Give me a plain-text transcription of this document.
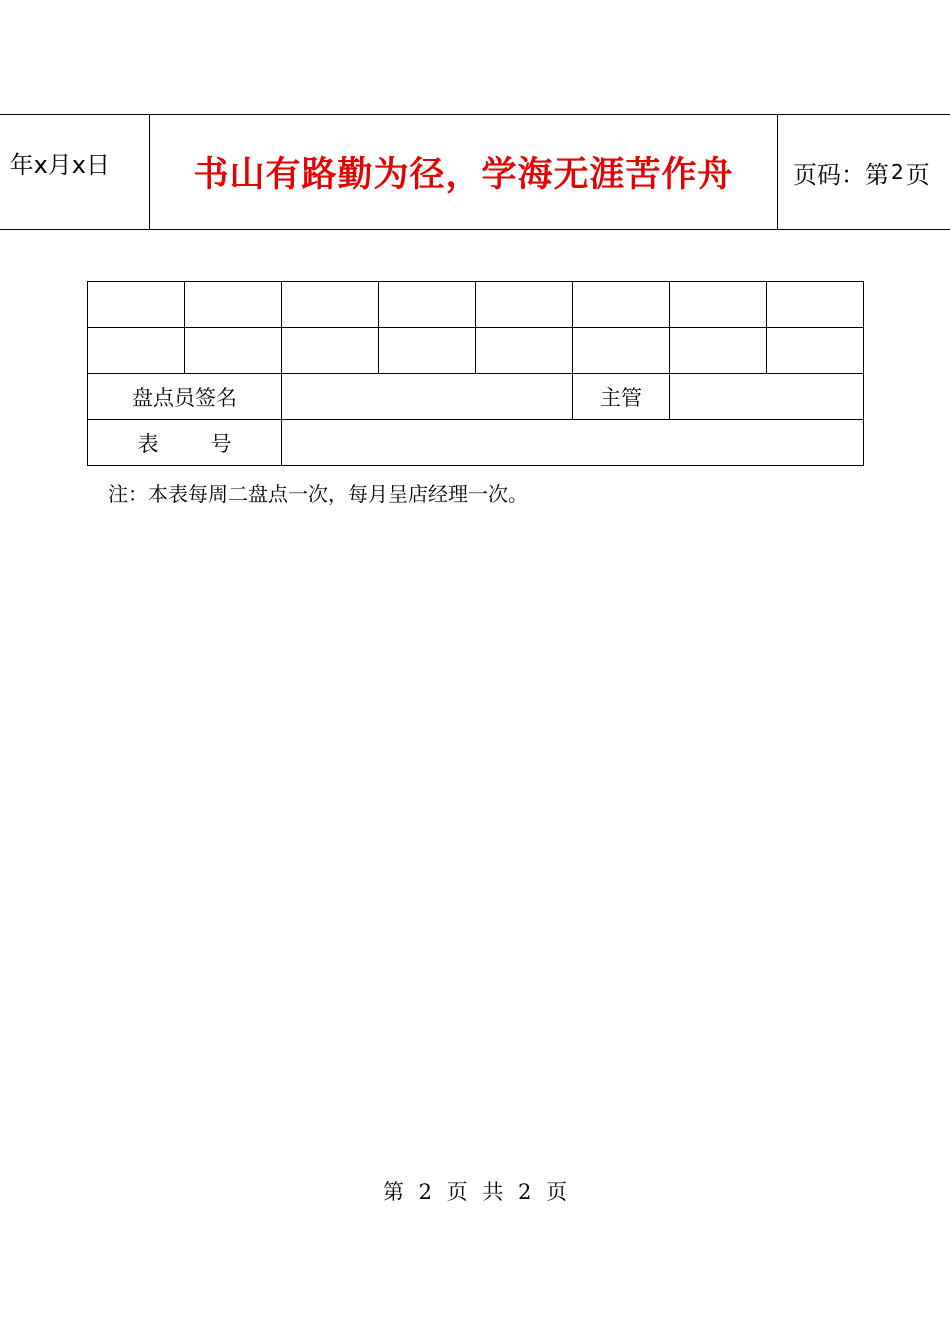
年x月x日	书山有路勤为径，学海无涯苦作舟	页码：第 2 页

盘点员签名					主管		
表 号							
注：本表每周二盘点一次，每月呈店经理一次。
第 2 页 共 2 页
